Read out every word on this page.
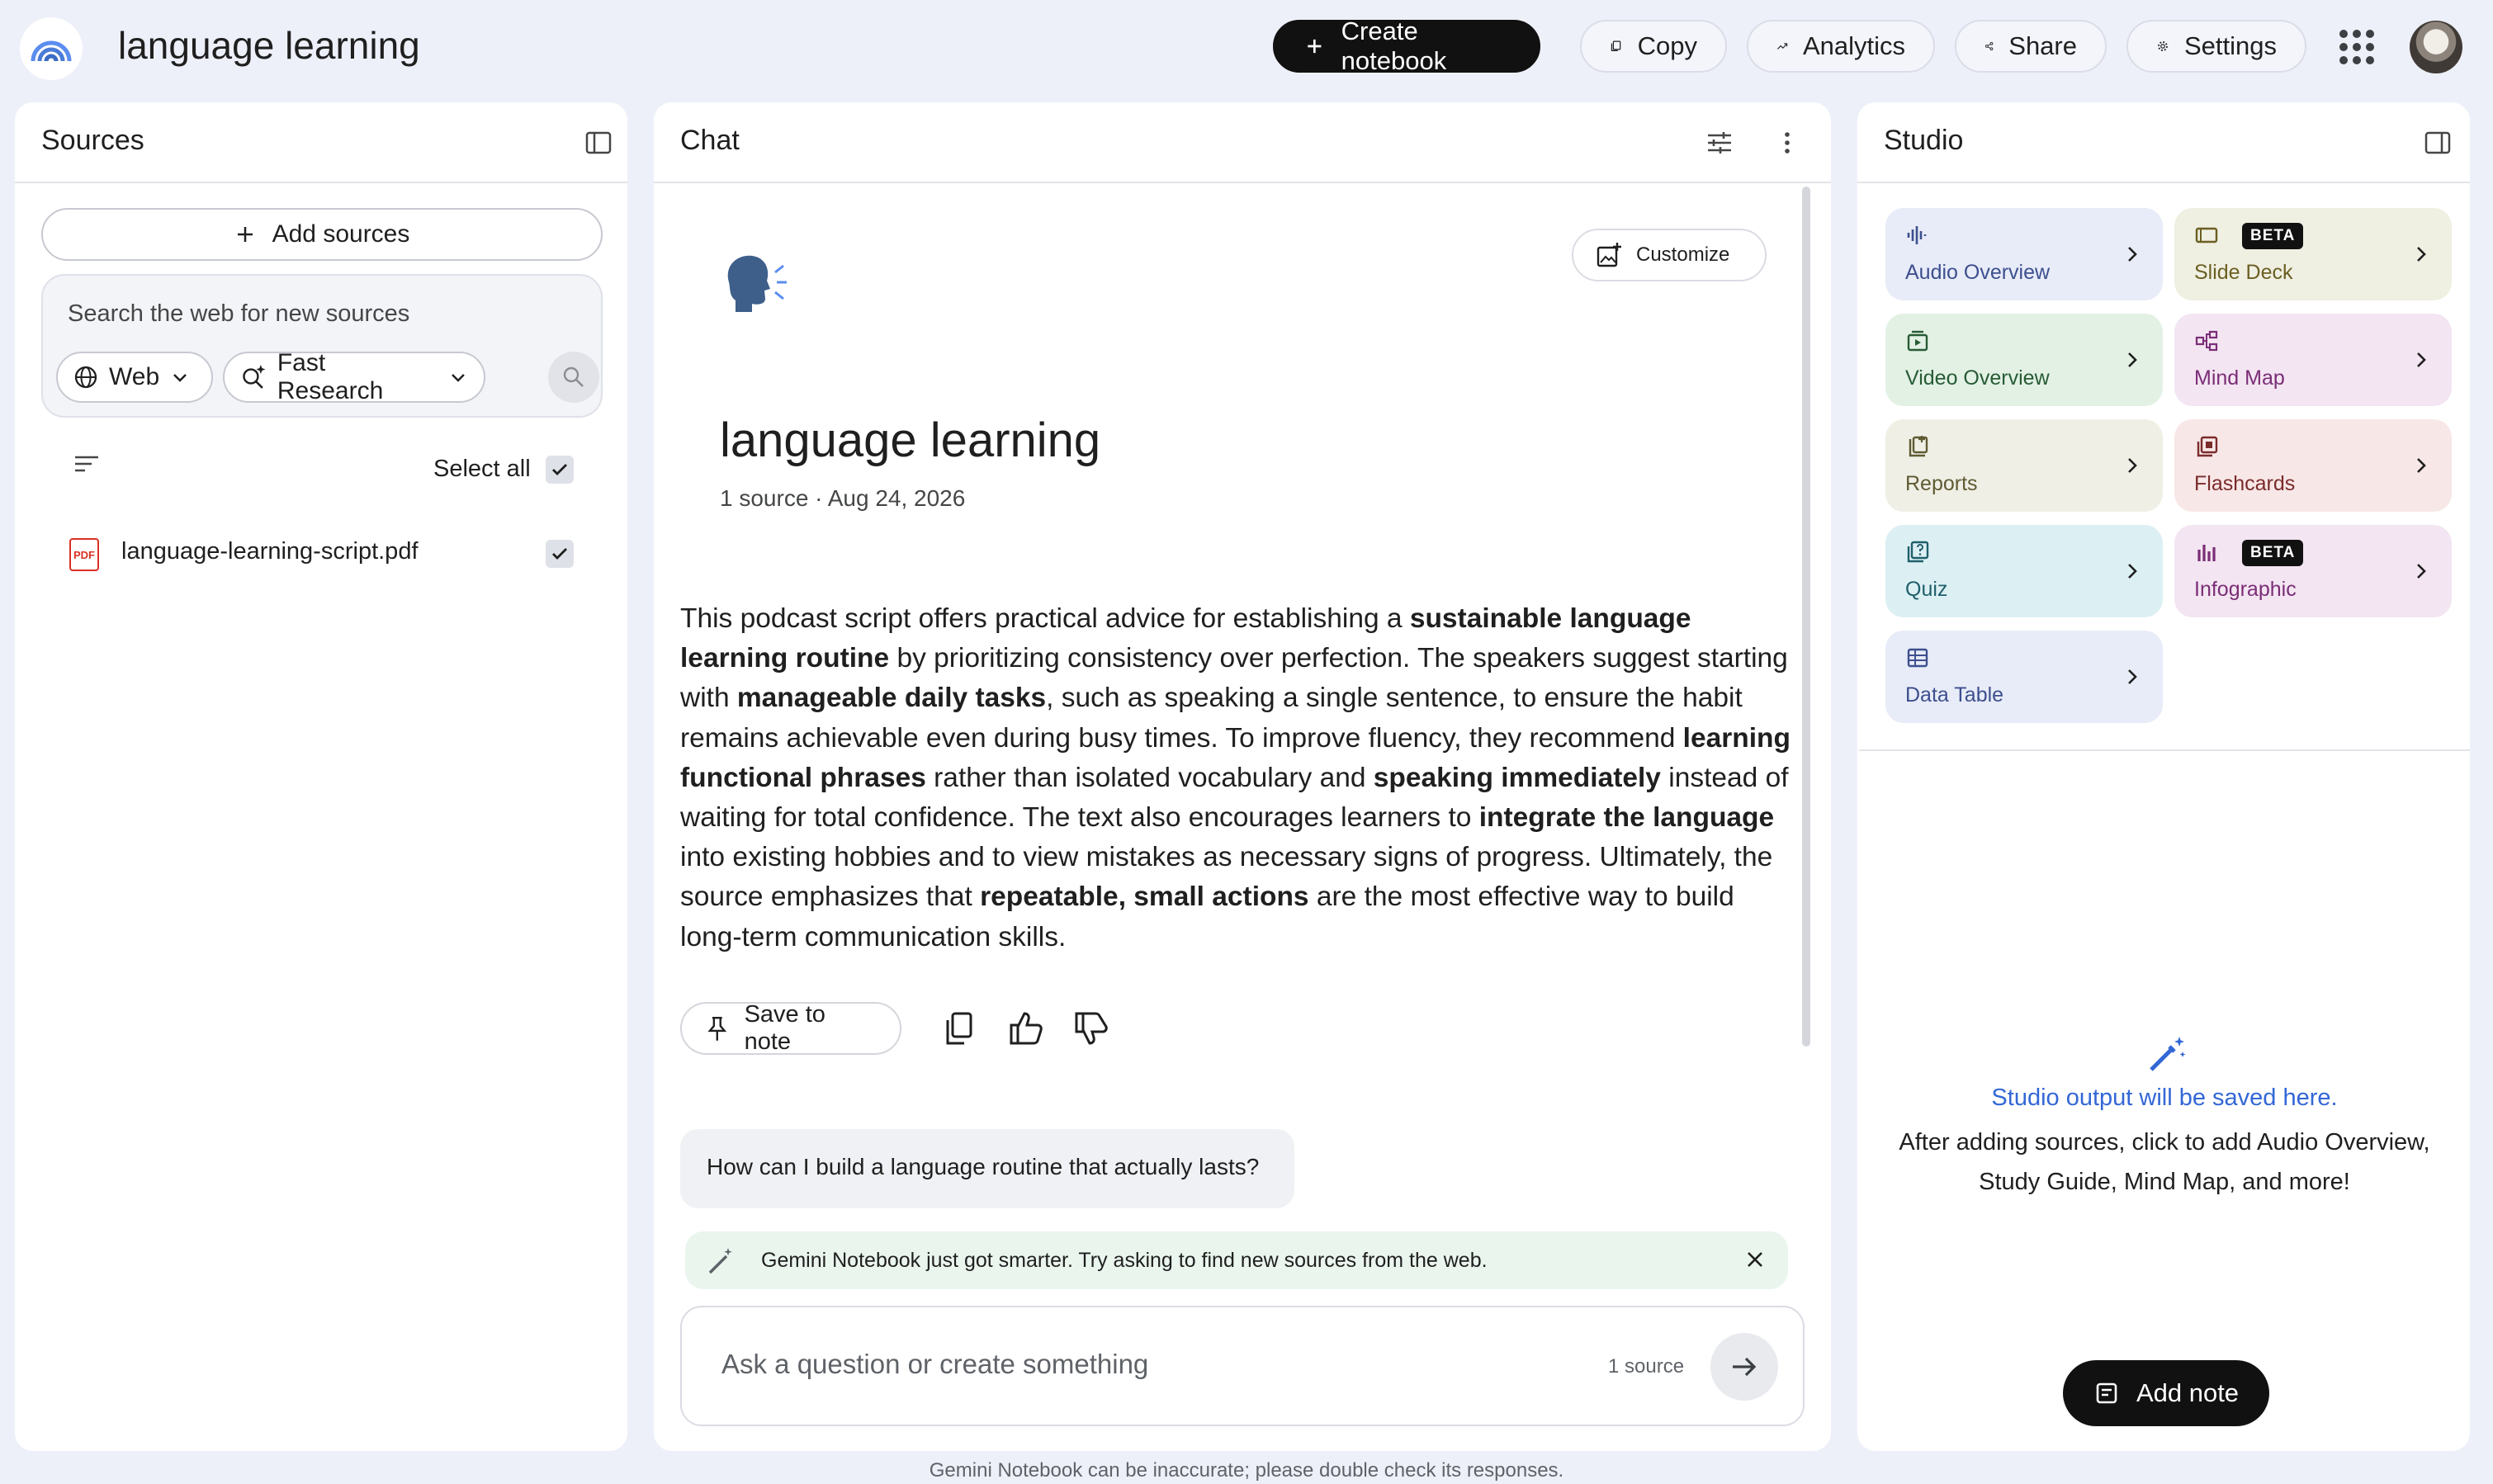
language learning	Create notebook
Copy	Analytics	Share	Settings
Sources
Add sources
Search the web for new sources
Web
Fast Research
Select all
PDF language-learning-script.pdf
Chat
Customize
language learning
1 source · Aug 24, 2026
This podcast script offers practical advice for establishing a sustainable language learning routine by prioritizing consistency over perfection. The speakers suggest starting with manageable daily tasks, such as speaking a single sentence, to ensure the habit remains achievable even during busy times. To improve fluency, they recommend learning functional phrases rather than isolated vocabulary and speaking immediately instead of waiting for total confidence. The text also encourages learners to integrate the language into existing hobbies and to view mistakes as necessary signs of progress. Ultimately, the source emphasizes that repeatable, small actions are the most effective way to build long-term communication skills.
Save to note
How can I build a language routine that actually lasts?
Gemini Notebook just got smarter. Try asking to find new sources from the web.
Ask a question or create something	1 source
Gemini Notebook can be inaccurate; please double check its responses.
Studio
Audio Overview
BETA
Slide Deck
Video Overview	Mind Map
Reports	Flashcards
Quiz
BETA
Infographic
Data Table
Studio output will be saved here.
After adding sources, click to add Audio Overview, Study Guide, Mind Map, and more!
Add note
